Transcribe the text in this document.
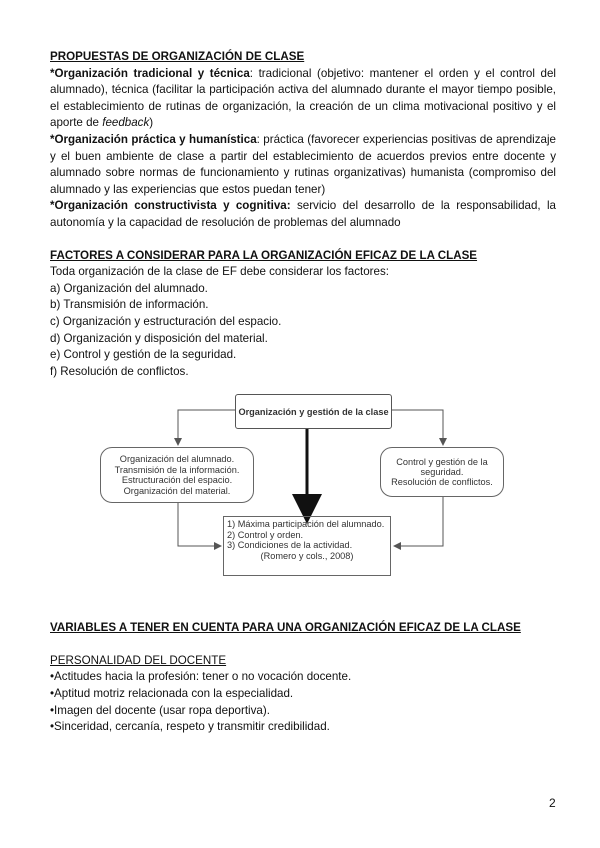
PROPUESTAS DE ORGANIZACIÓN DE CLASE

*Organización tradicional y técnica: tradicional (objetivo: mantener el orden y el control del alumnado), técnica (facilitar la participación activa del alumnado durante el mayor tiempo posible, el establecimiento de rutinas de organización, la creación de un clima motivacional positivo y el aporte de feedback)

*Organización práctica y humanística: práctica (favorecer experiencias positivas de aprendizaje y el buen ambiente de clase a partir del establecimiento de acuerdos previos entre docente y alumnado sobre normas de funcionamiento y rutinas organizativas) humanista (compromiso del alumnado y las experiencias que estos puedan tener)

*Organización constructivista y cognitiva: servicio del desarrollo de la responsabilidad, la autonomía y la capacidad de resolución de problemas del alumnado

FACTORES A CONSIDERAR PARA LA ORGANIZACIÓN EFICAZ DE LA CLASE

Toda organización de la clase de EF debe considerar los factores:

a) Organización del alumnado.
b) Transmisión de información.
c) Organización y estructuración del espacio.
d) Organización y disposición del material.
e) Control y gestión de la seguridad.
f) Resolución de conflictos.
Organización y gestión de la clase
Organización del alumnado.
Transmisión de la información.
Estructuración del espacio.
Organización del material.
Control y gestión de la seguridad.
Resolución de conflictos.
1) Máxima participación del alumnado.
2) Control y orden.
3) Condiciones de la actividad.
(Romero y cols., 2008)
VARIABLES A TENER EN CUENTA PARA UNA ORGANIZACIÓN EFICAZ DE LA CLASE

PERSONALIDAD DEL DOCENTE

•Actitudes hacia la profesión: tener o no vocación docente.
•Aptitud motriz relacionada con la especialidad.
•Imagen del docente (usar ropa deportiva).
•Sinceridad, cercanía, respeto y transmitir credibilidad.
2
